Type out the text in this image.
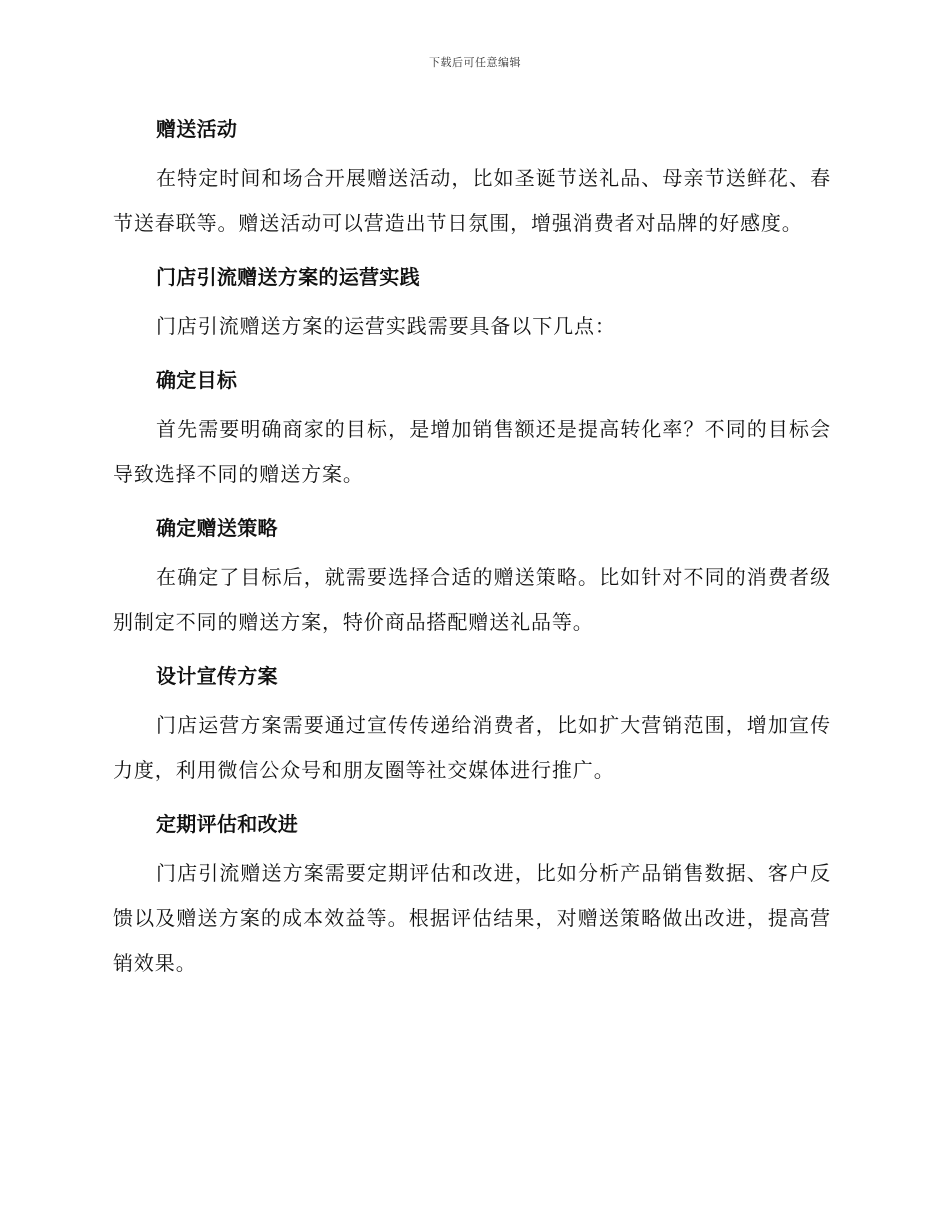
下载后可任意编辑
赠送活动

在特定时间和场合开展赠送活动，比如圣诞节送礼品、母亲节送鲜花、春节送春联等。赠送活动可以营造出节日氛围，增强消费者对品牌的好感度。

门店引流赠送方案的运营实践

门店引流赠送方案的运营实践需要具备以下几点：

确定目标

首先需要明确商家的目标，是增加销售额还是提高转化率？不同的目标会导致选择不同的赠送方案。

确定赠送策略

在确定了目标后，就需要选择合适的赠送策略。比如针对不同的消费者级别制定不同的赠送方案，特价商品搭配赠送礼品等。

设计宣传方案

门店运营方案需要通过宣传传递给消费者，比如扩大营销范围，增加宣传力度，利用微信公众号和朋友圈等社交媒体进行推广。

定期评估和改进

门店引流赠送方案需要定期评估和改进，比如分析产品销售数据、客户反馈以及赠送方案的成本效益等。根据评估结果，对赠送策略做出改进，提高营销效果。
